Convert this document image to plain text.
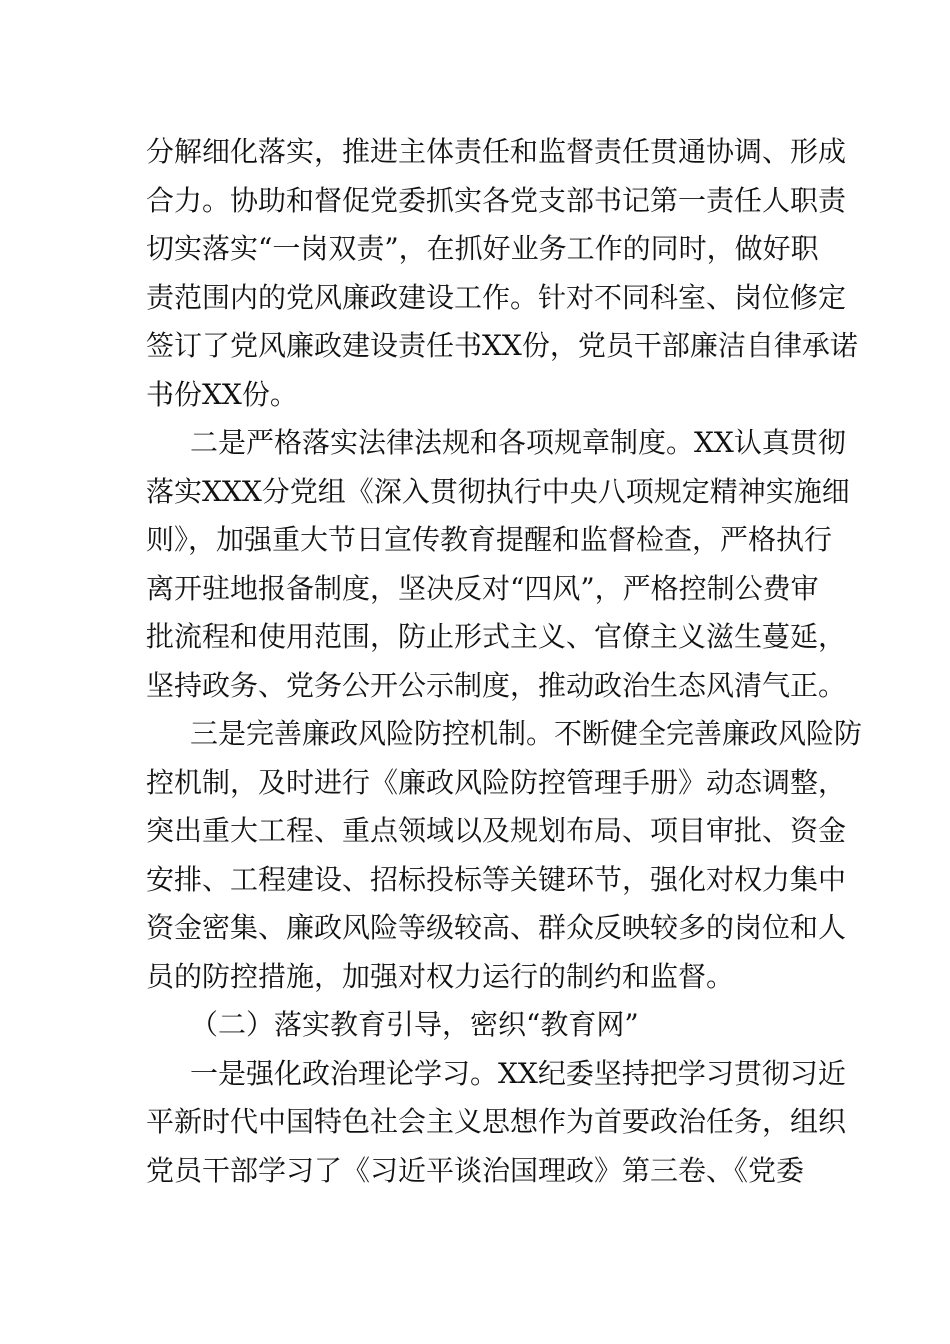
分解细化落实，推进主体责任和监督责任贯通协调、形成
合力。协助和督促党委抓实各党支部书记第一责任人职责
切实落实“一岗双责”，在抓好业务工作的同时，做好职
责范围内的党风廉政建设工作。针对不同科室、岗位修定
签订了党风廉政建设责任书XX份，党员干部廉洁自律承诺
书份XX份。
二是严格落实法律法规和各项规章制度。XX认真贯彻
落实XXX分党组《深入贯彻执行中央八项规定精神实施细
则》，加强重大节日宣传教育提醒和监督检查，严格执行
离开驻地报备制度，坚决反对“四风”，严格控制公费审
批流程和使用范围，防止形式主义、官僚主义滋生蔓延，
坚持政务、党务公开公示制度，推动政治生态风清气正。
三是完善廉政风险防控机制。不断健全完善廉政风险防
控机制，及时进行《廉政风险防控管理手册》动态调整，
突出重大工程、重点领域以及规划布局、项目审批、资金
安排、工程建设、招标投标等关键环节，强化对权力集中
资金密集、廉政风险等级较高、群众反映较多的岗位和人
员的防控措施，加强对权力运行的制约和监督。
（二）落实教育引导，密织“教育网”
一是强化政治理论学习。XX纪委坚持把学习贯彻习近
平新时代中国特色社会主义思想作为首要政治任务，组织
党员干部学习了《习近平谈治国理政》第三卷、《党委
